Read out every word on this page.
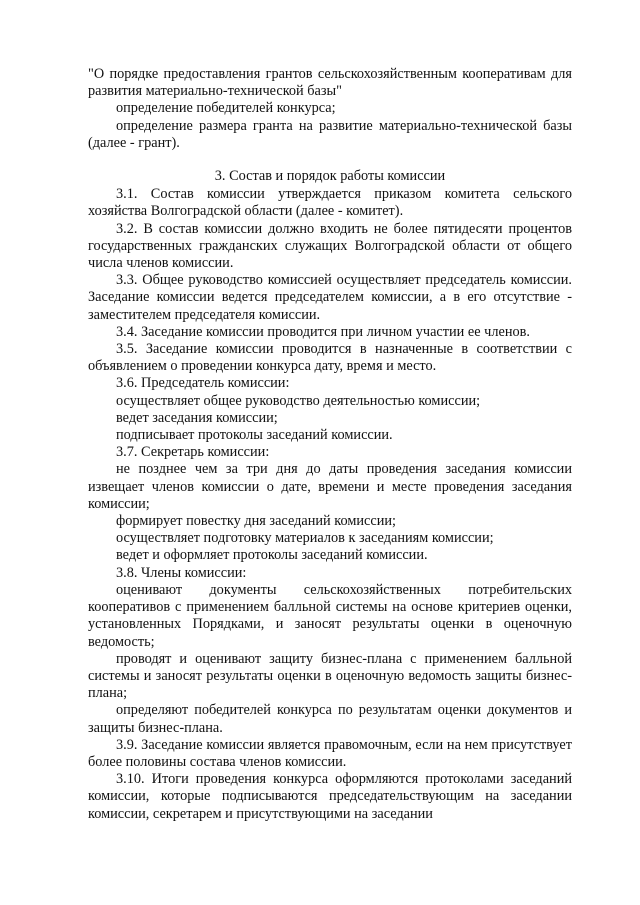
"О порядке предоставления грантов сельскохозяйственным кооперативам для развития материально-технической базы"

определение победителей конкурса;

определение размера гранта на развитие материально-технической базы (далее - грант).

3. Состав и порядок работы комиссии

3.1. Состав комиссии утверждается приказом комитета сельского хозяйства Волгоградской области (далее - комитет).

3.2. В состав комиссии должно входить не более пятидесяти процентов государственных гражданских служащих Волгоградской области от общего числа членов комиссии.

3.3. Общее руководство комиссией осуществляет председатель комиссии. Заседание комиссии ведется председателем комиссии, а в его отсутствие - заместителем председателя комиссии.

3.4. Заседание комиссии проводится при личном участии ее членов.

3.5. Заседание комиссии проводится в назначенные в соответствии с объявлением о проведении конкурса дату, время и место.

3.6. Председатель комиссии:

осуществляет общее руководство деятельностью комиссии;

ведет заседания комиссии;

подписывает протоколы заседаний комиссии.

3.7. Секретарь комиссии:

не позднее чем за три дня до даты проведения заседания комиссии извещает членов комиссии о дате, времени и месте проведения заседания комиссии;

формирует повестку дня заседаний комиссии;

осуществляет подготовку материалов к заседаниям комиссии;

ведет и оформляет протоколы заседаний комиссии.

3.8. Члены комиссии:

оценивают документы сельскохозяйственных потребительских кооперативов с применением балльной системы на основе критериев оценки, установленных Порядками, и заносят результаты оценки в оценочную ведомость;

проводят и оценивают защиту бизнес-плана с применением балльной системы и заносят результаты оценки в оценочную ведомость защиты бизнес-плана;

определяют победителей конкурса по результатам оценки документов и защиты бизнес-плана.

3.9. Заседание комиссии является правомочным, если на нем присутствует более половины состава членов комиссии.

3.10. Итоги проведения конкурса оформляются протоколами заседаний комиссии, которые подписываются председательствующим на заседании комиссии, секретарем и присутствующими на заседании
